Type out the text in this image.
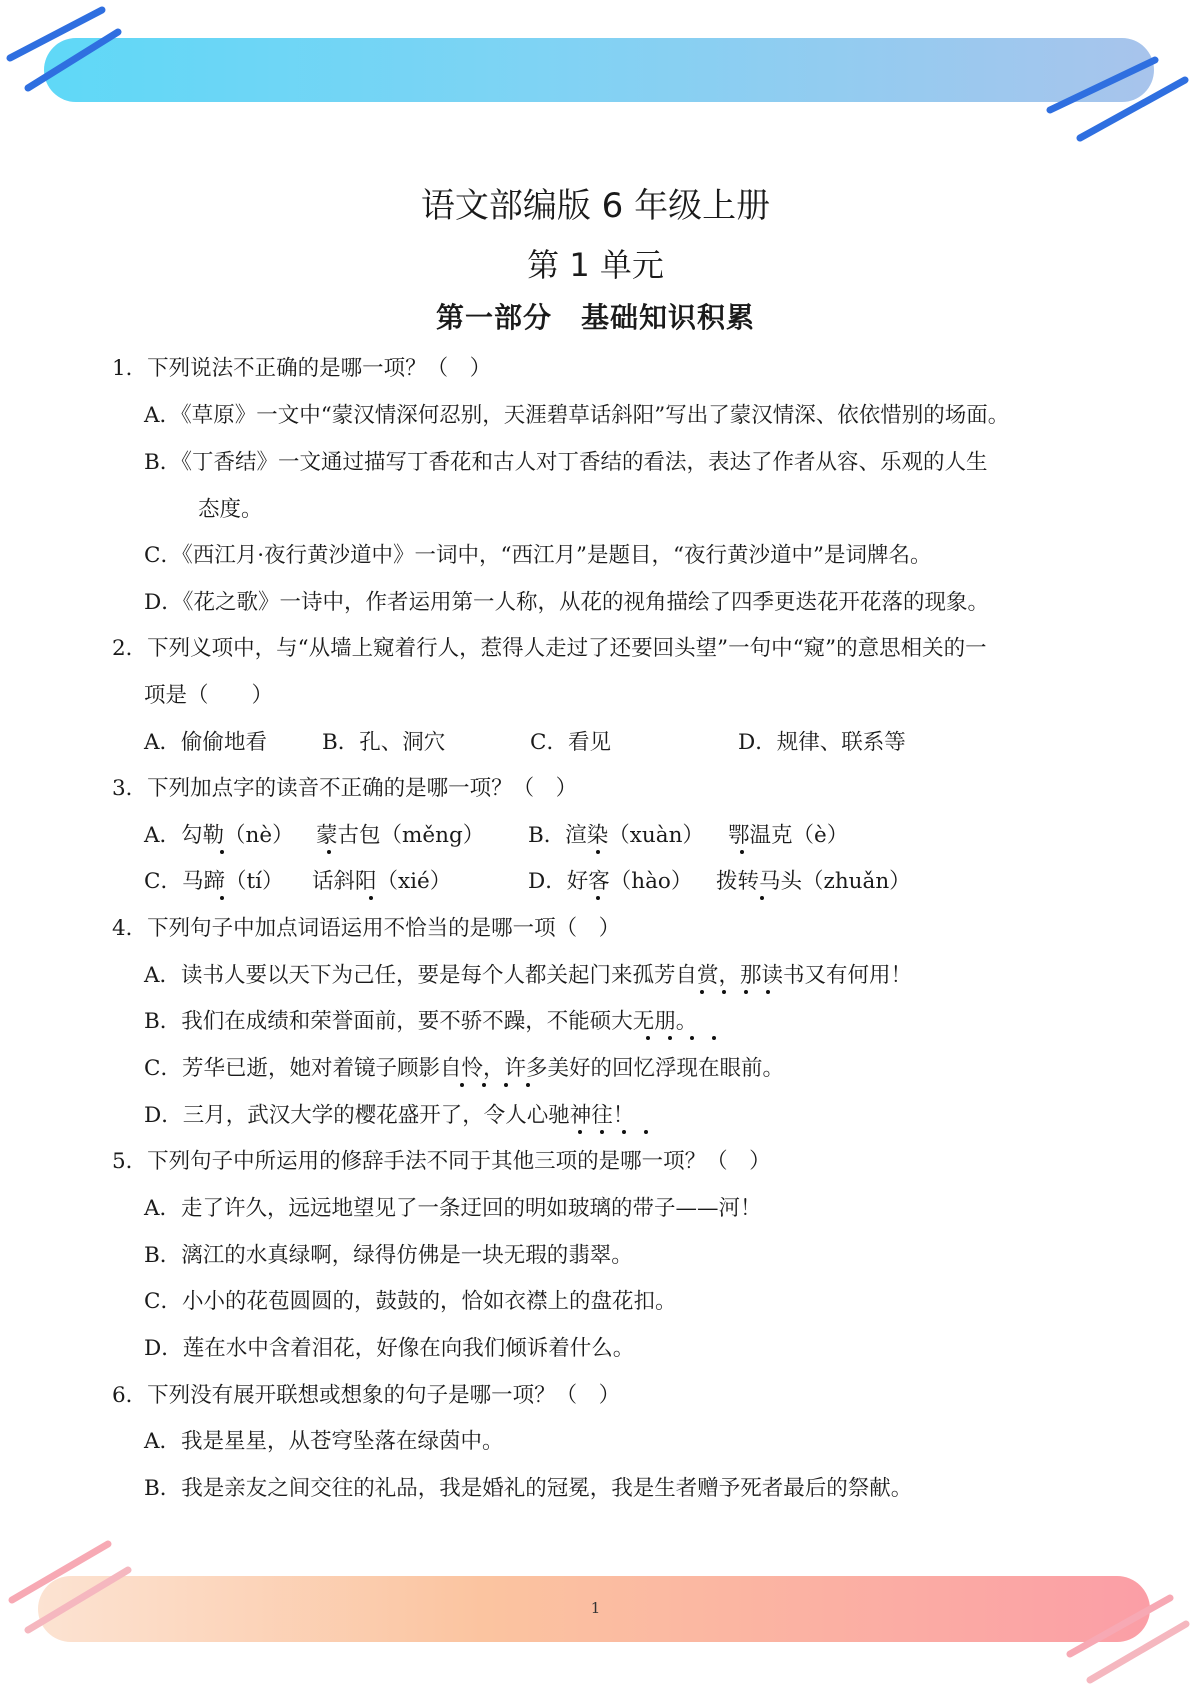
语文部编版 6 年级上册
第 1 单元
第一部分　基础知识积累
1．下列说法不正确的是哪一项？（　）
A．《草原》一文中“蒙汉情深何忍别，天涯碧草话斜阳”写出了蒙汉情深、依依惜别的场面。
B．《丁香结》一文通过描写丁香花和古人对丁香结的看法，表达了作者从容、乐观的人生
态度。
C．《西江月·夜行黄沙道中》一词中，“西江月”是题目，“夜行黄沙道中”是词牌名。
D．《花之歌》一诗中，作者运用第一人称，从花的视角描绘了四季更迭花开花落的现象。
2．下列义项中，与“从墙上窥着行人，惹得人走过了还要回头望”一句中“窥”的意思相关的一
项是（　　）
A．偷偷地看	B．孔、洞穴	C．看见	D．规律、联系等
3．下列加点字的读音不正确的是哪一项？（　）
A．勾勒（nè） 蒙古包（měng） B．渲染（xuàn） 鄂温克（è）
C．马蹄（tí） 话斜阳（xié）	D．好客（hào） 拨转马头（zhuǎn）
4．下列句子中加点词语运用不恰当的是哪一项（　）
A．读书人要以天下为己任，要是每个人都关起门来孤芳自赏，那读书又有何用！
B．我们在成绩和荣誉面前，要不骄不躁，不能硕大无朋。
C．芳华已逝，她对着镜子顾影自怜，许多美好的回忆浮现在眼前。
D．三月，武汉大学的樱花盛开了，令人心驰神往！
5．下列句子中所运用的修辞手法不同于其他三项的是哪一项？（　）
A．走了许久，远远地望见了一条迂回的明如玻璃的带子——河！
B．漓江的水真绿啊，绿得仿佛是一块无瑕的翡翠。
C．小小的花苞圆圆的，鼓鼓的，恰如衣襟上的盘花扣。
D．莲在水中含着泪花，好像在向我们倾诉着什么。
6．下列没有展开联想或想象的句子是哪一项？（　）
A．我是星星，从苍穹坠落在绿茵中。
B．我是亲友之间交往的礼品，我是婚礼的冠冕，我是生者赠予死者最后的祭献。
1
